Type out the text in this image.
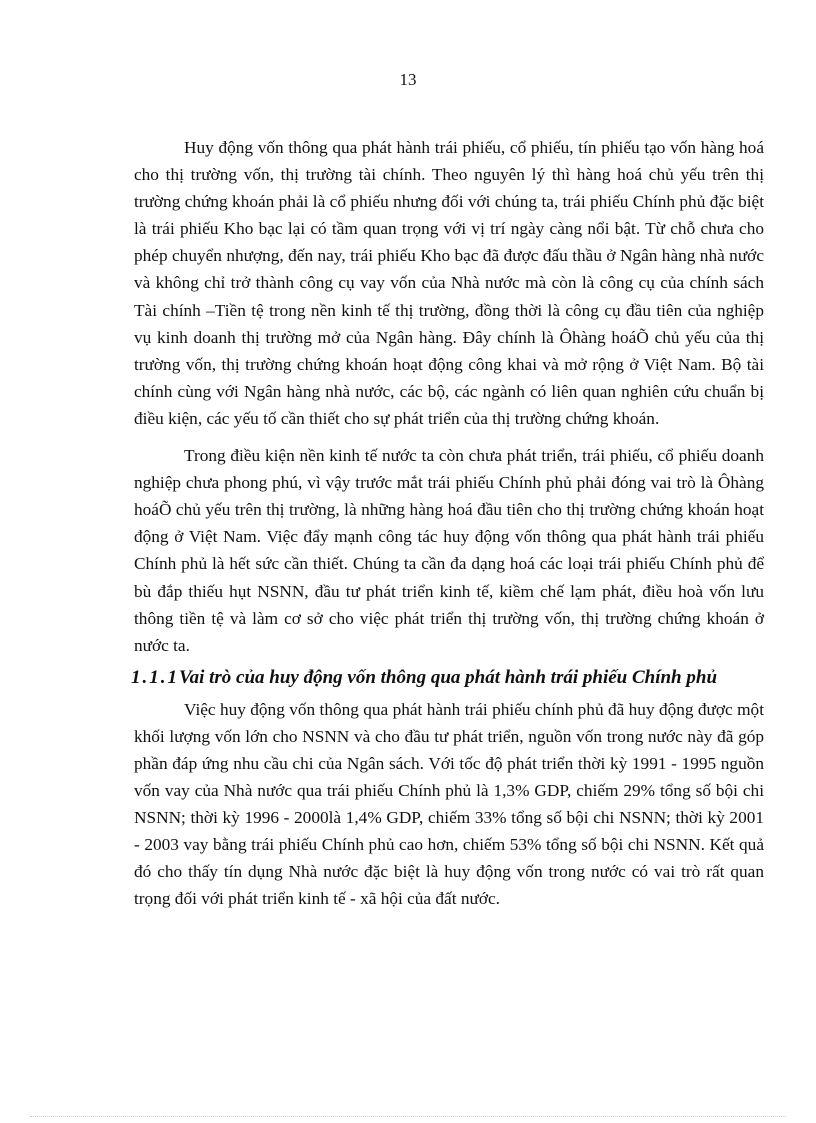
13

Huy động vốn thông qua phát hành trái phiếu, cổ phiếu, tín phiếu tạo vốn hàng hoá cho thị trường vốn, thị trường tài chính. Theo nguyên lý thì hàng hoá chủ yếu trên thị trường chứng khoán phải là cổ phiếu nhưng đối với chúng ta, trái phiếu Chính phủ đặc biệt là trái phiếu Kho bạc lại có tầm quan trọng với vị trí ngày càng nổi bật. Từ chỗ chưa cho phép chuyển nhượng, đến nay, trái phiếu Kho bạc đã được đấu thầu ở Ngân hàng nhà nước và không chỉ trở thành công cụ vay vốn của Nhà nước mà còn là công cụ của chính sách Tài chính –Tiền tệ trong nền kinh tế thị trường, đồng thời là công cụ đầu tiên của nghiệp vụ kinh doanh thị trường mở của Ngân hàng. Đây chính là Ôhàng hoáÕ chủ yếu của thị trường vốn, thị trường chứng khoán hoạt động công khai và mở rộng ở Việt Nam. Bộ tài chính cùng với Ngân hàng nhà nước, các bộ, các ngành có liên quan nghiên cứu chuẩn bị điều kiện, các yếu tố cần thiết cho sự phát triển của thị trường chứng khoán.

Trong điều kiện nền kinh tế nước ta còn chưa phát triển, trái phiếu, cổ phiếu doanh nghiệp chưa phong phú, vì vậy trước mắt trái phiếu Chính phủ phải đóng vai trò là Ôhàng hoáÕ chủ yếu trên thị trường, là những hàng hoá đầu tiên cho thị trường chứng khoán hoạt động ở Việt Nam. Việc đẩy mạnh công tác huy động vốn thông qua phát hành trái phiếu Chính phủ là hết sức cần thiết. Chúng ta cần đa dạng hoá các loại trái phiếu Chính phủ để bù đắp thiếu hụt NSNN, đầu tư phát triển kinh tế, kiềm chế lạm phát, điều hoà vốn lưu thông tiền tệ và làm cơ sở cho việc phát triển thị trường vốn, thị trường chứng khoán ở nước ta.

1.1.1Vai trò của huy động vốn thông qua phát hành trái phiếu Chính phủ

Việc huy động vốn thông qua phát hành trái phiếu chính phủ đã huy động được một khối lượng vốn lớn cho NSNN và cho đầu tư phát triển, nguồn vốn trong nước này đã góp phần đáp ứng nhu cầu chi của Ngân sách. Với tốc độ phát triển thời kỳ 1991 - 1995 nguồn vốn vay của Nhà nước qua trái phiếu Chính phủ là 1,3% GDP, chiếm 29% tổng số bội chi NSNN; thời kỳ 1996 - 2000là 1,4% GDP, chiếm 33% tổng số bội chi NSNN; thời kỳ 2001 - 2003 vay bằng trái phiếu Chính phủ cao hơn, chiếm 53% tổng số bội chi NSNN. Kết quả đó cho thấy tín dụng Nhà nước đặc biệt là huy động vốn trong nước có vai trò rất quan trọng đối với phát triển kinh tế - xã hội của đất nước.
